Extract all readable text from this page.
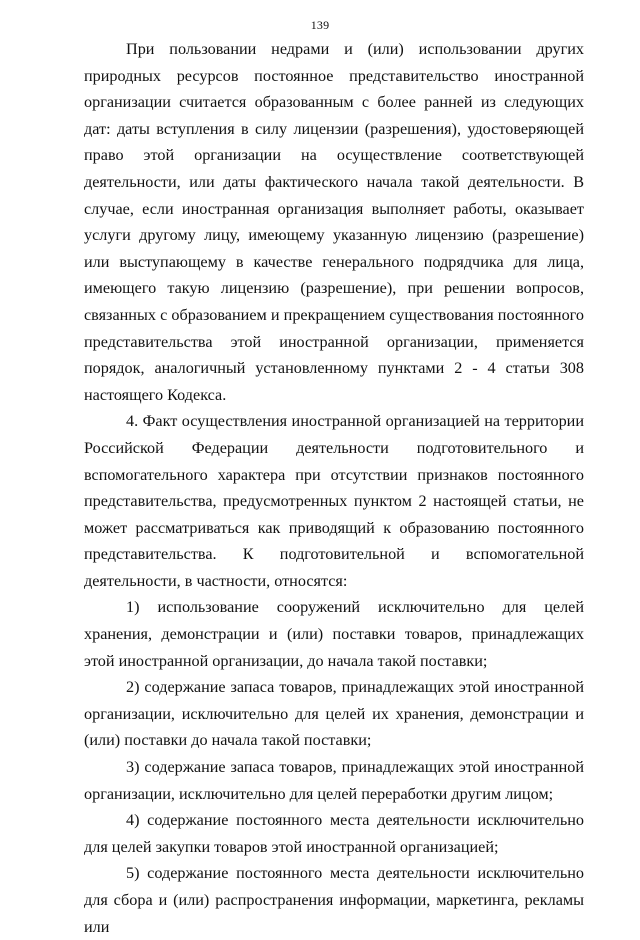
139

При пользовании недрами и (или) использовании других природных ресурсов постоянное представительство иностранной организации считается образованным с более ранней из следующих дат: даты вступления в силу лицензии (разрешения), удостоверяющей право этой организации на осуществление соответствующей деятельности, или даты фактического начала такой деятельности. В случае, если иностранная организация выполняет работы, оказывает услуги другому лицу, имеющему указанную лицензию (разрешение) или выступающему в качестве генерального подрядчика для лица, имеющего такую лицензию (разрешение), при решении вопросов, связанных с образованием и прекращением существования постоянного представительства этой иностранной организации, применяется порядок, аналогичный установленному пунктами 2 - 4 статьи 308 настоящего Кодекса.

4. Факт осуществления иностранной организацией на территории Российской Федерации деятельности подготовительного и вспомогательного характера при отсутствии признаков постоянного представительства, предусмотренных пунктом 2 настоящей статьи, не может рассматриваться как приводящий к образованию постоянного представительства. К подготовительной и вспомогательной деятельности, в частности, относятся:

1) использование сооружений исключительно для целей хранения, демонстрации и (или) поставки товаров, принадлежащих этой иностранной организации, до начала такой поставки;

2) содержание запаса товаров, принадлежащих этой иностранной организации, исключительно для целей их хранения, демонстрации и (или) поставки до начала такой поставки;

3) содержание запаса товаров, принадлежащих этой иностранной организации, исключительно для целей переработки другим лицом;

4) содержание постоянного места деятельности исключительно для целей закупки товаров этой иностранной организацией;

5) содержание постоянного места деятельности исключительно для сбора и (или) распространения информации, маркетинга, рекламы или
